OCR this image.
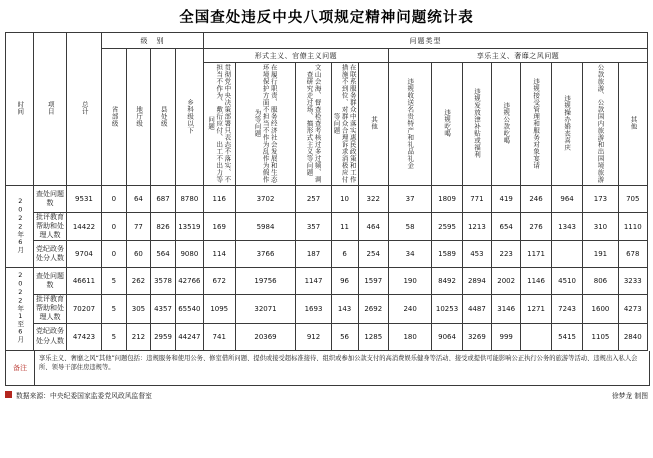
全国查处违反中央八项规定精神问题统计表
时间	项目	总计	级　别				问题类型												
			省部级	地厅级	县处级	乡科级以下	形式主义、官僚主义问题					享乐主义、奢靡之风问题							
							贯彻党中央决策部署只表态不落实、不担当不作为、敷衍应付、出工不出力等问题	在履行职责、服务经济社会发展和生态环境保护方面不担当不作为乱作为假作为等问题	文山会海、督查检查考核过多过频、调查研究走过场、搞形式主义等问题	在联系服务群众中落实惠民政策和工作措施不到位、对群众合理诉求消极应付等问题	其他	违规收送名贵特产和礼品礼金	违规吃喝	违规发放津补贴或福利	违规公款吃喝	违规接受管理和服务对象宴请	违规操办婚丧喜庆	公款旅游、公款国内旅游和出国境旅游	其他
2022年6月	查处问题数	9531	0	64	687	8780	116	3702	257	10	322	37	1809	771	419	246	964	173	705
	批评教育帮助和处理人数	14422	0	77	826	13519	169	5984	357	11	464	58	2595	1213	654	276	1343	310	1110
	党纪政务处分人数	9704	0	60	564	9080	114	3766	187	6	254	34	1589	453	223	1171		191	678
2022年1至6月	查处问题数	46611	5	262	3578	42766	672	19756	1147	96	1597	190	8492	2894	2002	1146	4510	806	3233
	批评教育帮助和处理人数	70207	5	305	4357	65540	1095	32071	1693	143	2692	240	10253	4487	3146	1271	7243	1600	4273
	党纪政务处分人数	47423	5	212	2959	44247	741	20369	912	56	1285	180	9064	3269	999		5415	1105	2840
备注
享乐主义、奢靡之风“其他”问题包括：违规服务和使用公务、修室借所问题、提供或接受超标准接待、组织或参加公款支付的高消费娱乐健身等活动、接受或提供可能影响公正执行公务的旅游等活动、违规出入私人会所、领导干部住房违规等。
数据来源： 中央纪委国家监委党风政风监督室	徐梦龙 制图
